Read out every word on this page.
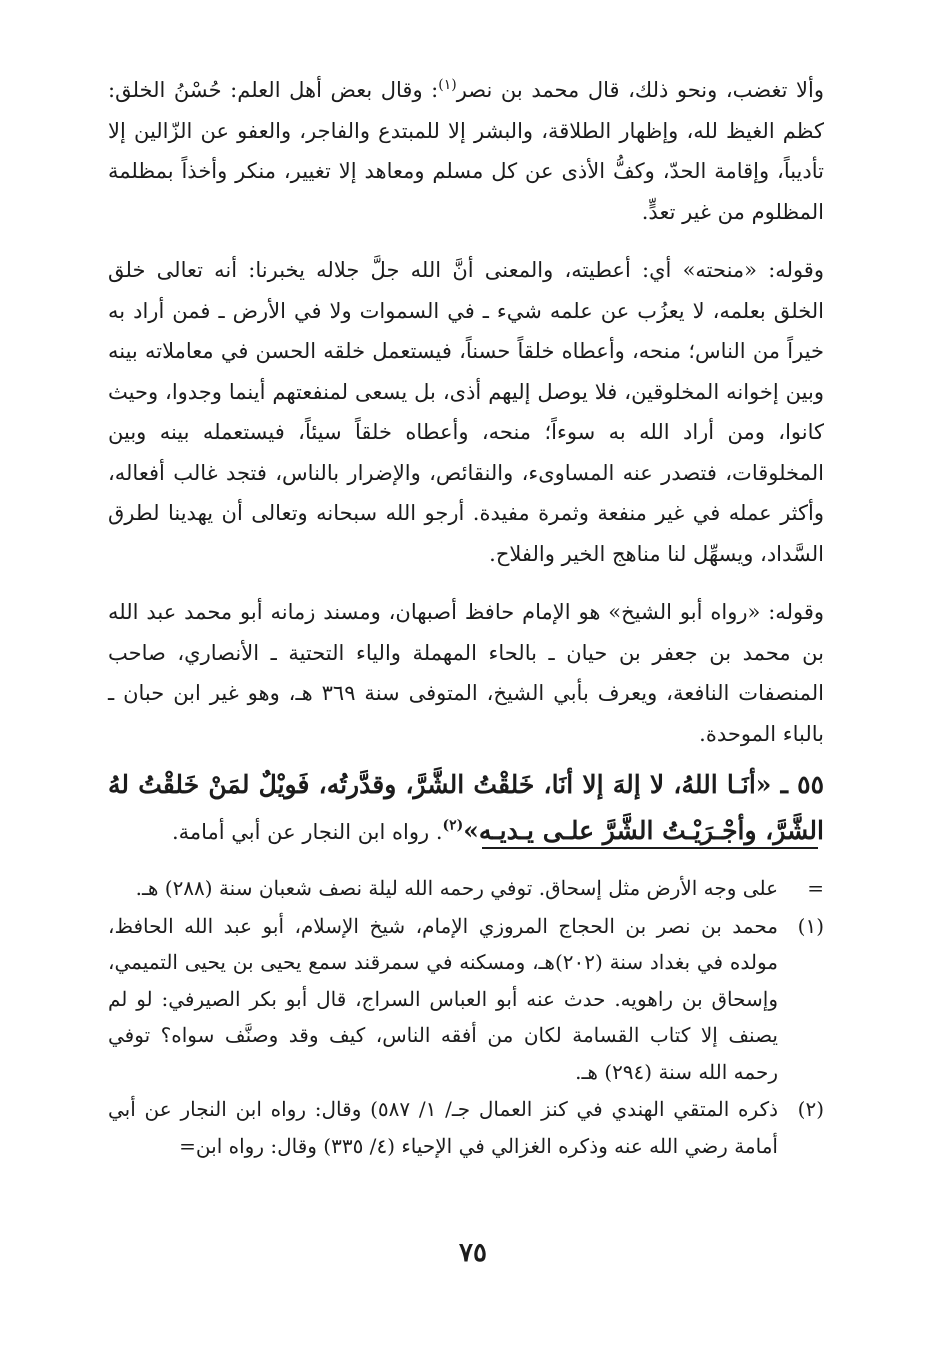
وألا تغضب، ونحو ذلك، قال محمد بن نصر$^{(١)}$: وقال بعض أهل العلم: حُسْنُ الخلق: كظم الغيظ لله، وإظهار الطلاقة، والبشر إلا للمبتدع والفاجر، والعفو عن الزّالين إلا تأديباً، وإقامة الحدّ، وكفُّ الأذى عن كل مسلم ومعاهد إلا تغيير، منكر وأخذاً بمظلمة المظلوم من غير تعدٍّ.

وقوله: «منحته» أي: أعطيته، والمعنى أنَّ الله جلَّ جلاله يخبرنا: أنه تعالى خلق الخلق بعلمه، لا يعزُب عن علمه شيء ـ في السموات ولا في الأرض ـ فمن أراد به خيراً من الناس؛ منحه، وأعطاه خلقاً حسناً، فيستعمل خلقه الحسن في معاملاته بينه وبين إخوانه المخلوقين، فلا يوصل إليهم أذى، بل يسعى لمنفعتهم أينما وجدوا، وحيث كانوا، ومن أراد الله به سوءاً؛ منحه، وأعطاه خلقاً سيئاً، فيستعمله بينه وبين المخلوقات، فتصدر عنه المساوىء، والنقائص، والإضرار بالناس، فتجد غالب أفعاله، وأكثر عمله في غير منفعة وثمرة مفيدة. أرجو الله سبحانه وتعالى أن يهدينا لطرق السَّداد، ويسهِّل لنا مناهج الخير والفلاح.

وقوله: «رواه أبو الشيخ» هو الإمام حافظ أصبهان، ومسند زمانه أبو محمد عبد الله بن محمد بن جعفر بن حيان ـ بالحاء المهملة والياء التحتية ـ الأنصاري، صاحب المنصفات النافعة، ويعرف بأبي الشيخ، المتوفى سنة ٣٦٩ هـ، وهو غير ابن حبان ـ بالباء الموحدة.

٥٥ ـ «أنَـا اللهُ، لا إلهَ إلا أنَا، خَلقْتُ الشَّرَّ، وقدَّرتُه، فَويْلٌ لمَنْ خَلقْتُ لهُ الشَّرَّ، وأجْـرَيْـتُ الشَّرَّ علـى يـديـه»$^{(٢)}$. رواه ابن النجار عن أبي أمامة.

=
على وجه الأرض مثل إسحاق. توفي رحمه الله ليلة نصف شعبان سنة (٢٨٨) هـ.
(١)
محمد بن نصر بن الحجاج المروزي الإمام، شيخ الإسلام، أبو عبد الله الحافظ، مولده في بغداد سنة (٢٠٢)هـ، ومسكنه في سمرقند سمع يحيى بن يحيى التميمي، وإسحاق بن راهويه. حدث عنه أبو العباس السراج، قال أبو بكر الصيرفي: لو لم يصنف إلا كتاب القسامة لكان من أفقه الناس، كيف وقد وصنَّف سواه؟ توفي رحمه الله سنة (٢٩٤) هـ.
(٢)
ذكره المتقي الهندي في كنز العمال جـ/ ١/ ٥٨٧) وقال: رواه ابن النجار عن أبي أمامة رضي الله عنه وذكره الغزالي في الإحياء (٤/ ٣٣٥) وقال: رواه ابن=
٧٥
